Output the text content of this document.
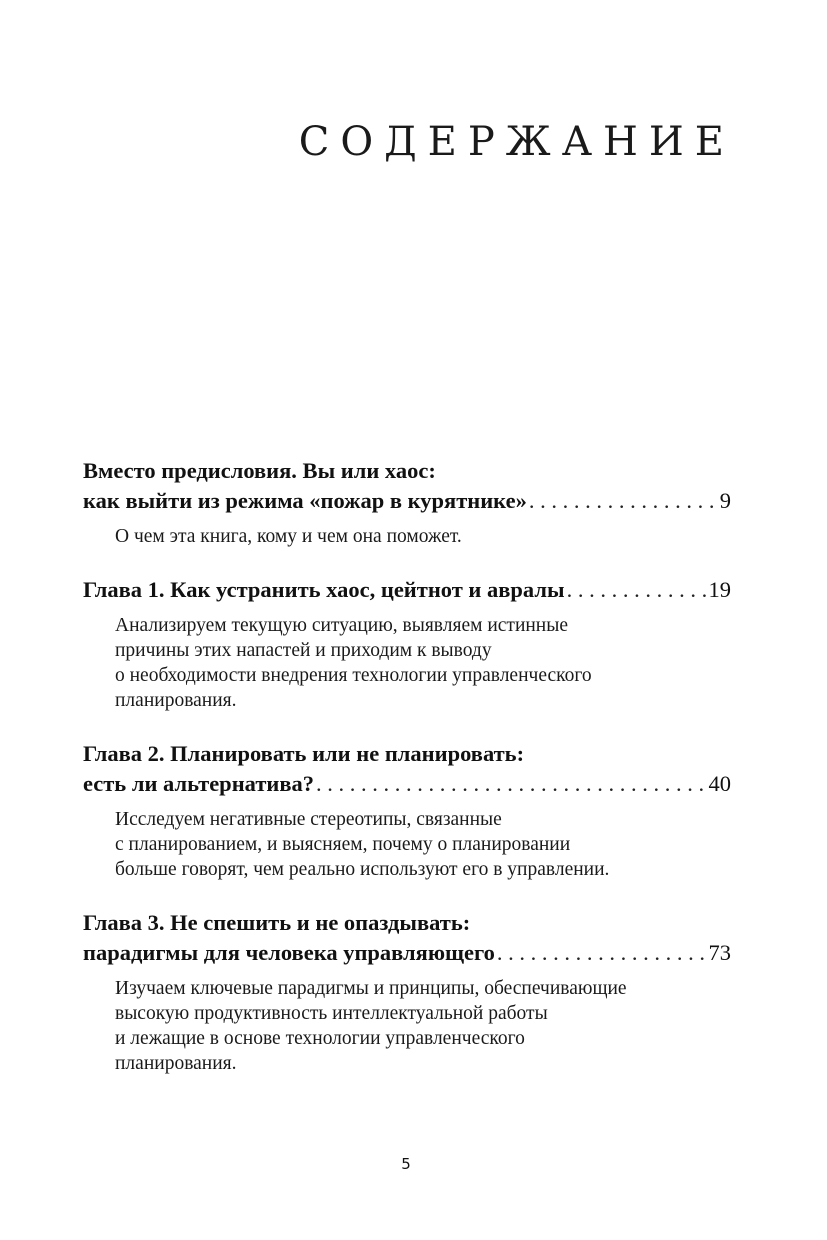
СОДЕРЖАНИЕ
Вместо предисловия. Вы или хаос:
как выйти из режима «пожар в курятнике» . . .	9
О чем эта книга, кому и чем она поможет.
Глава 1. Как устранить хаос, цейтнот и авралы . . .	19
Анализируем текущую ситуацию, выявляем истинные
причины этих напастей и приходим к выводу
о необходимости внедрения технологии управленческого
планирования.
Глава 2. Планировать или не планировать:
есть ли альтернатива? . . .	40
Исследуем негативные стереотипы, связанные
с планированием, и выясняем, почему о планировании
больше говорят, чем реально используют его в управлении.
Глава 3. Не спешить и не опаздывать:
парадигмы для человека управляющего . . .	73
Изучаем ключевые парадигмы и принципы, обеспечивающие
высокую продуктивность интеллектуальной работы
и лежащие в основе технологии управленческого
планирования.
5
